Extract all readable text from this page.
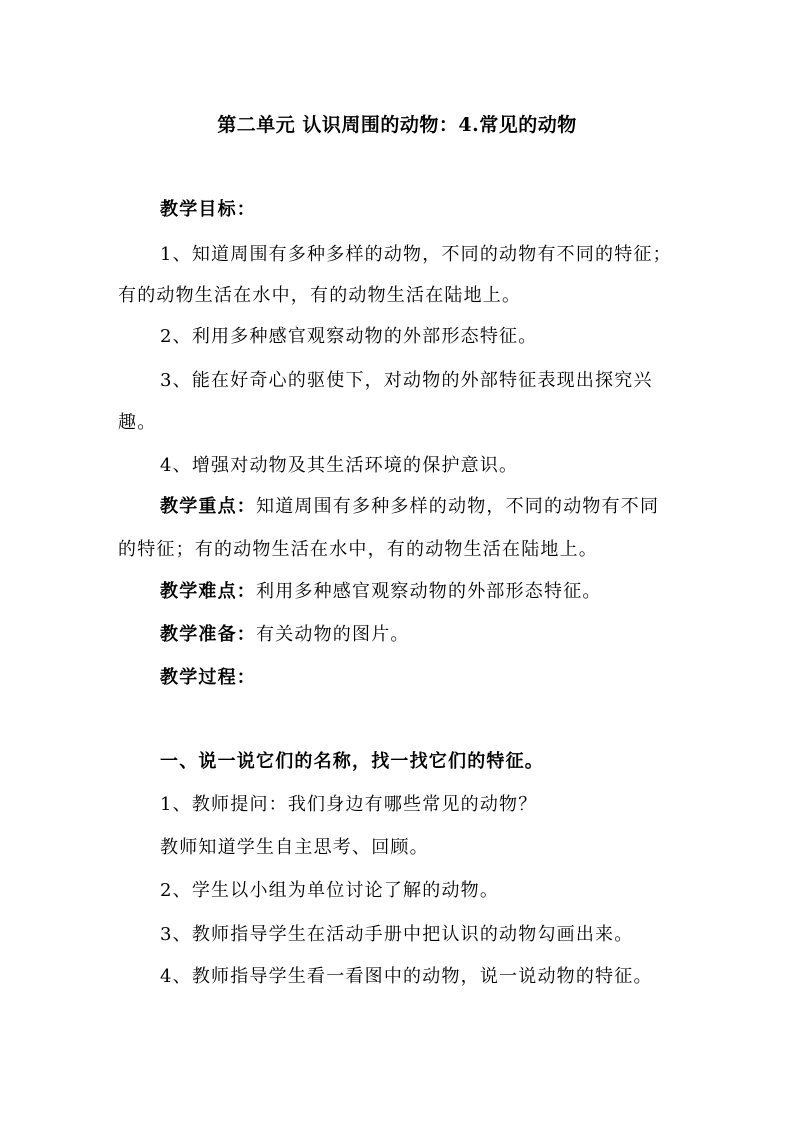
第二单元 认识周围的动物：4.常见的动物
教学目标：
1、知道周围有多种多样的动物，不同的动物有不同的特征；
有的动物生活在水中，有的动物生活在陆地上。
2、利用多种感官观察动物的外部形态特征。
3、能在好奇心的驱使下，对动物的外部特征表现出探究兴
趣。
4、增强对动物及其生活环境的保护意识。
教学重点：知道周围有多种多样的动物，不同的动物有不同
的特征；有的动物生活在水中，有的动物生活在陆地上。
教学难点：利用多种感官观察动物的外部形态特征。
教学准备：有关动物的图片。
教学过程：
一、说一说它们的名称，找一找它们的特征。
1、教师提问：我们身边有哪些常见的动物？
教师知道学生自主思考、回顾。
2、学生以小组为单位讨论了解的动物。
3、教师指导学生在活动手册中把认识的动物勾画出来。
4、教师指导学生看一看图中的动物，说一说动物的特征。
